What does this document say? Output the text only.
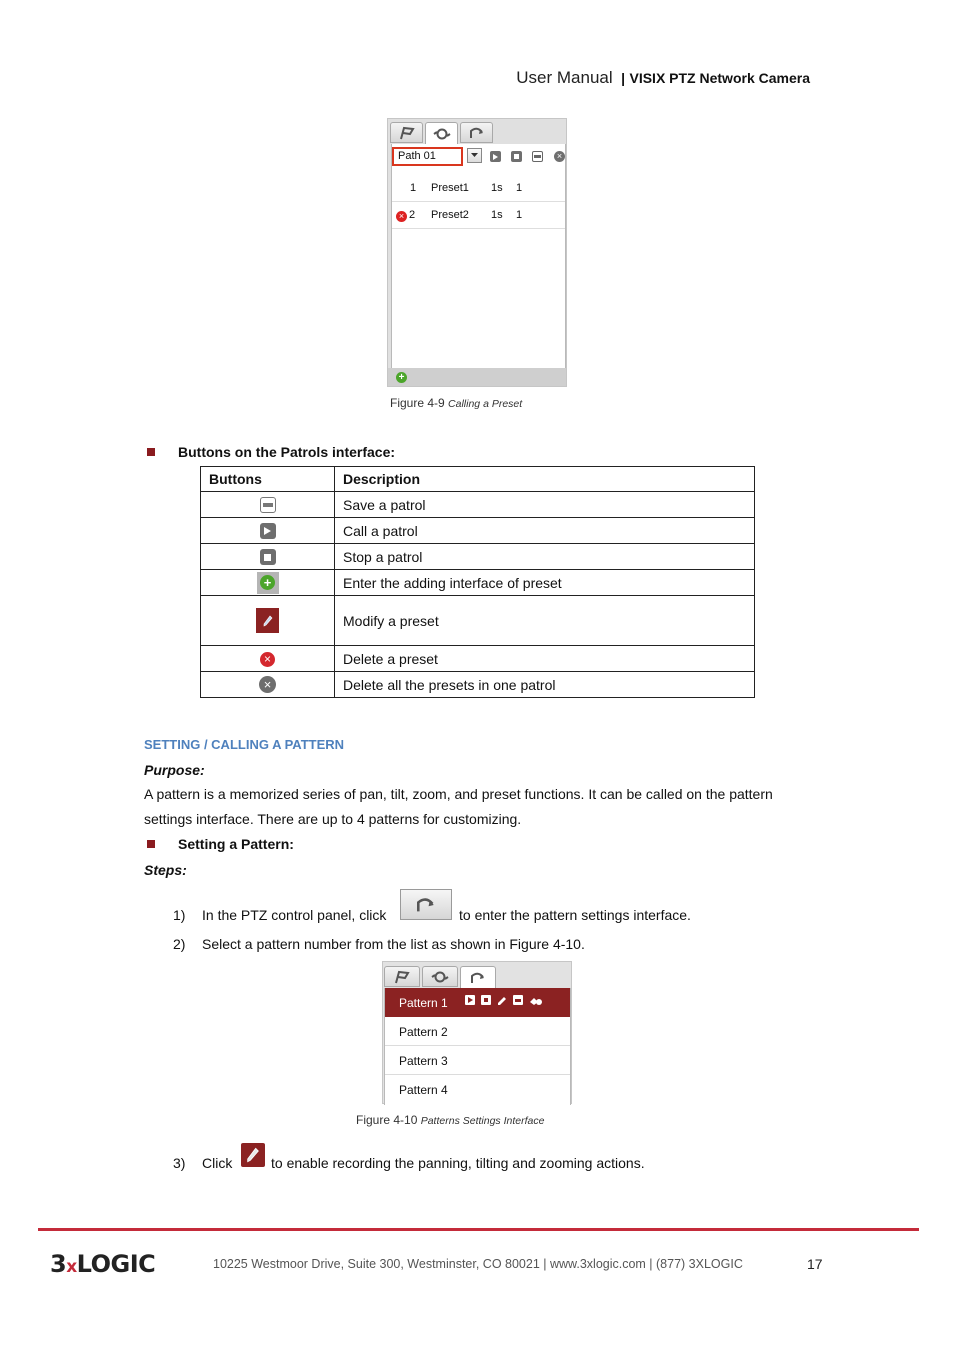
User Manual | VISIX PTZ Network Camera
Path 01	×
1 Preset1 1s 1
× 2 Preset2 1s 1
+
Figure 4-9 Calling a Preset
Buttons on the Patrols interface:
Buttons	Description

	Save a patrol

	Call a patrol

	Stop a patrol

+	Enter the adding interface of preset

	Modify a preset
×	Delete a preset
×	Delete all the presets in one patrol
SETTING / CALLING A PATTERN
Purpose:
A pattern is a memorized series of pan, tilt, zoom, and preset functions. It can be called on the pattern
settings interface. There are up to 4 patterns for customizing.
Setting a Pattern:
Steps:
1) In the PTZ control panel, click	to enter the pattern settings interface.
2) Select a pattern number from the list as shown in Figure 4-10.
Pattern 1
Pattern 2
Pattern 3
Pattern 4
Figure 4-10 Patterns Settings Interface
3) Click	to enable recording the panning, tilting and zooming actions.
3xLOGIC	10225 Westmoor Drive, Suite 300, Westminster, CO 80021 | www.3xlogic.com | (877) 3XLOGIC	17
